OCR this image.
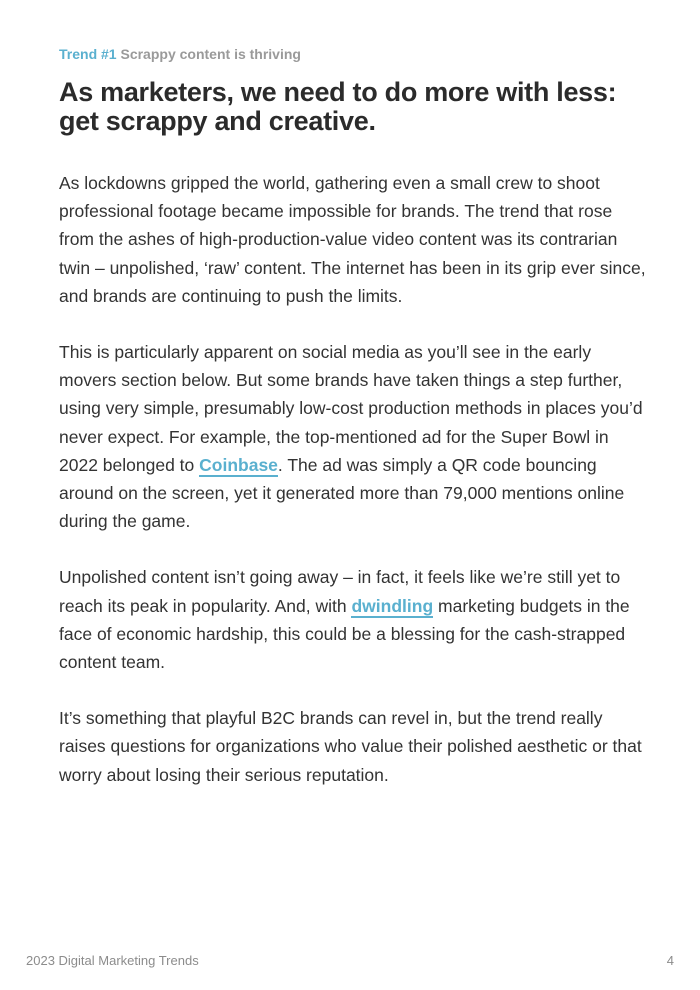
Trend #1 Scrappy content is thriving

As marketers, we need to do more with less: get scrappy and creative.

As lockdowns gripped the world, gathering even a small crew to shoot professional footage became impossible for brands. The trend that rose from the ashes of high-production-value video content was its contrarian twin – unpolished, ‘raw’ content. The internet has been in its grip ever since, and brands are continuing to push the limits.

This is particularly apparent on social media as you’ll see in the early movers section below. But some brands have taken things a step further, using very simple, presumably low-cost production methods in places you’d never expect. For example, the top-mentioned ad for the Super Bowl in 2022 belonged to Coinbase. The ad was simply a QR code bouncing around on the screen, yet it generated more than 79,000 mentions online during the game.

Unpolished content isn’t going away – in fact, it feels like we’re still yet to reach its peak in popularity. And, with dwindling marketing budgets in the face of economic hardship, this could be a blessing for the cash-strapped content team.

It’s something that playful B2C brands can revel in, but the trend really raises questions for organizations who value their polished aesthetic or that worry about losing their serious reputation.

2023 Digital Marketing Trends	4
